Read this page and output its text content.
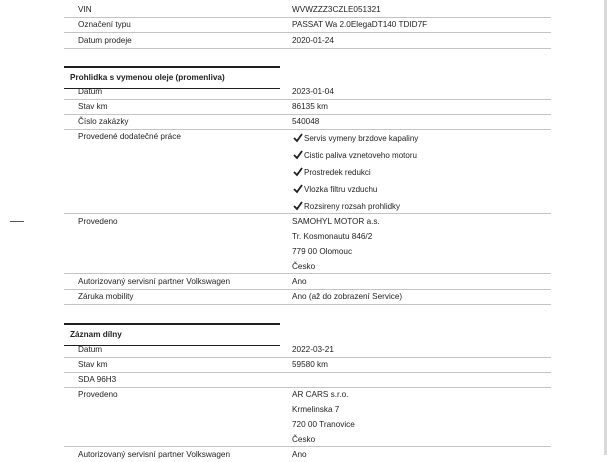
VIN	WVWZZZ3CZLE051321
Označení typu	PASSAT Wa 2.0ElegaDT140 TDID7F
Datum prodeje	2020-01-24
Prohlidka s vymenou oleje (promenliva)
Datum	2023-01-04
Stav km	86135 km
Číslo zakázky	540048
Provedené dodatečné práce	Servis vymeny brzdove kapaliny
Cistic paliva vznetoveho motoru
Prostredek redukci
Vlozka filtru vzduchu
Rozsireny rozsah prohlidky
Provedeno	SAMOHYL MOTOR a.s.
Tr. Kosmonautu 846/2
779 00 Olomouc
Česko
Autorizovaný servisní partner Volkswagen	Ano
Záruka mobility	Ano (až do zobrazení Service)
Záznam dílny
Datum	2022-03-21
Stav km	59580 km
SDA 96H3
Provedeno	AR CARS s.r.o.
Krmelinska 7
720 00 Tranovice
Česko
Autorizovaný servisní partner Volkswagen	Ano
